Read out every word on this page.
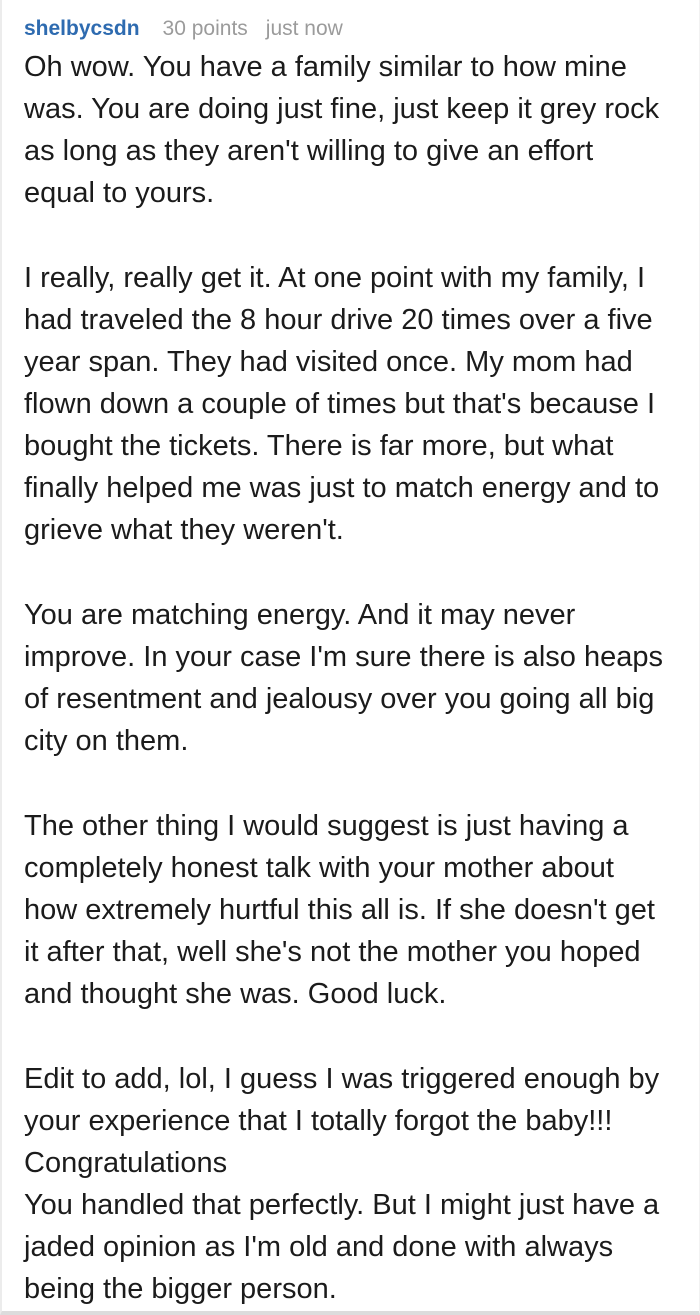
shelbycsdn 30 points just now

Oh wow. You have a family similar to how mine was. You are doing just fine, just keep it grey rock as long as they aren't willing to give an effort equal to yours.

I really, really get it. At one point with my family, I had traveled the 8 hour drive 20 times over a five year span. They had visited once. My mom had flown down a couple of times but that's because I bought the tickets. There is far more, but what finally helped me was just to match energy and to grieve what they weren't.

You are matching energy. And it may never improve. In your case I'm sure there is also heaps of resentment and jealousy over you going all big city on them.

The other thing I would suggest is just having a completely honest talk with your mother about how extremely hurtful this all is. If she doesn't get it after that, well she's not the mother you hoped and thought she was. Good luck.

Edit to add, lol, I guess I was triggered enough by your experience that I totally forgot the baby!!! Congratulations
You handled that perfectly. But I might just have a jaded opinion as I'm old and done with always being the bigger person.
